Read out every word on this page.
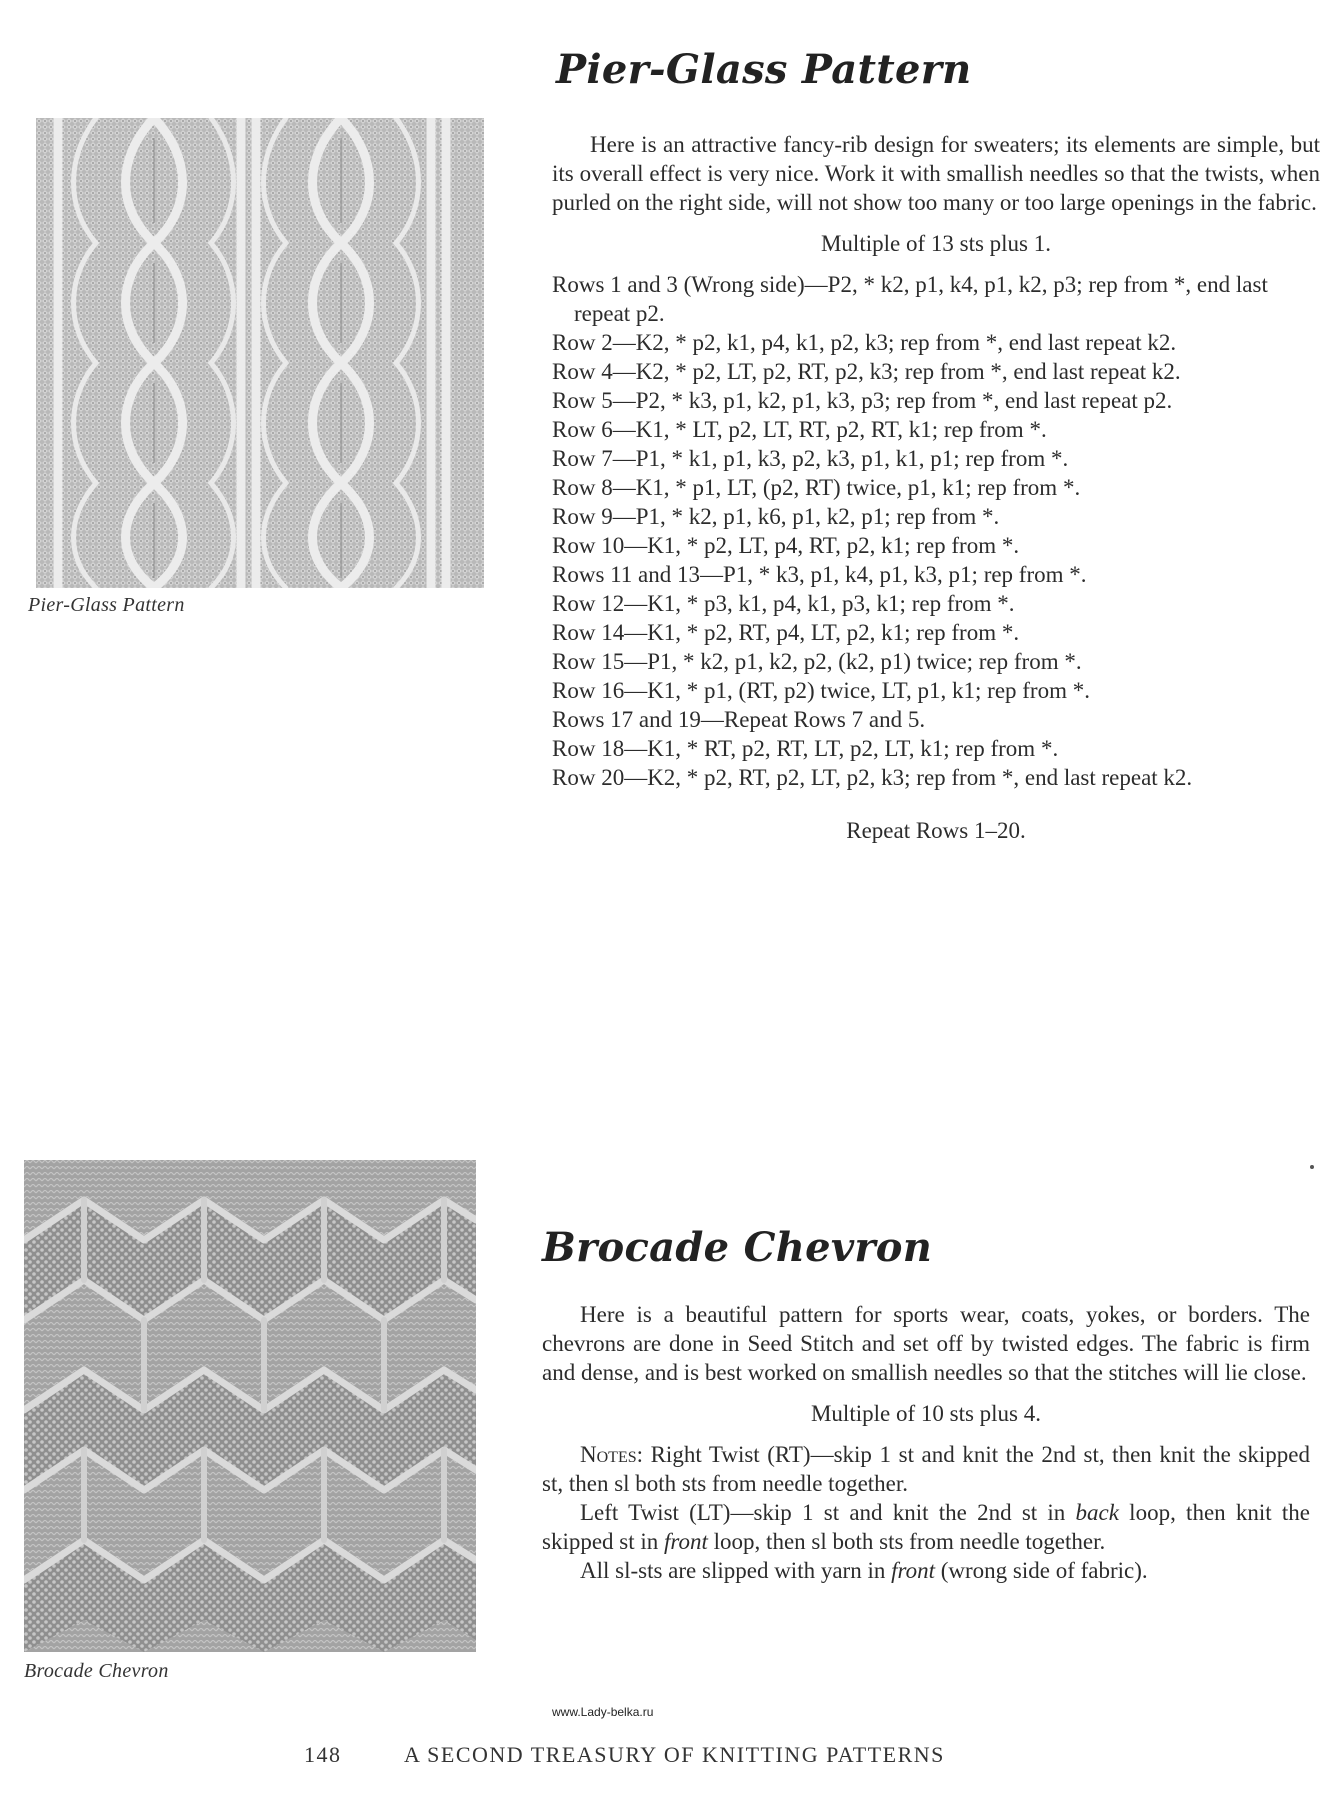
Pier-Glass Pattern
Pier-Glass Pattern

Here is an attractive fancy-rib design for sweaters; its elements are simple, but its overall effect is very nice. Work it with smallish needles so that the twists, when purled on the right side, will not show too many or too large openings in the fabric.

Multiple of 13 sts plus 1.

Rows 1 and 3 (Wrong side)—P2, * k2, p1, k4, p1, k2, p3; rep from *, end last repeat p2.
Row 2—K2, * p2, k1, p4, k1, p2, k3; rep from *, end last repeat k2.
Row 4—K2, * p2, LT, p2, RT, p2, k3; rep from *, end last repeat k2.
Row 5—P2, * k3, p1, k2, p1, k3, p3; rep from *, end last repeat p2.
Row 6—K1, * LT, p2, LT, RT, p2, RT, k1; rep from *.
Row 7—P1, * k1, p1, k3, p2, k3, p1, k1, p1; rep from *.
Row 8—K1, * p1, LT, (p2, RT) twice, p1, k1; rep from *.
Row 9—P1, * k2, p1, k6, p1, k2, p1; rep from *.
Row 10—K1, * p2, LT, p4, RT, p2, k1; rep from *.
Rows 11 and 13—P1, * k3, p1, k4, p1, k3, p1; rep from *.
Row 12—K1, * p3, k1, p4, k1, p3, k1; rep from *.
Row 14—K1, * p2, RT, p4, LT, p2, k1; rep from *.
Row 15—P1, * k2, p1, k2, p2, (k2, p1) twice; rep from *.
Row 16—K1, * p1, (RT, p2) twice, LT, p1, k1; rep from *.
Rows 17 and 19—Repeat Rows 7 and 5.
Row 18—K1, * RT, p2, RT, LT, p2, LT, k1; rep from *.
Row 20—K2, * p2, RT, p2, LT, p2, k3; rep from *, end last repeat k2.

Repeat Rows 1–20.

Brocade Chevron
Brocade Chevron

Here is a beautiful pattern for sports wear, coats, yokes, or borders. The chevrons are done in Seed Stitch and set off by twisted edges. The fabric is firm and dense, and is best worked on smallish needles so that the stitches will lie close.

Multiple of 10 sts plus 4.

Notes: Right Twist (RT)—skip 1 st and knit the 2nd st, then knit the skipped st, then sl both sts from needle together.

Left Twist (LT)—skip 1 st and knit the 2nd st in back loop, then knit the skipped st in front loop, then sl both sts from needle together.

All sl-sts are slipped with yarn in front (wrong side of fabric).

www.Lady-belka.ru
148	A SECOND TREASURY OF KNITTING PATTERNS
